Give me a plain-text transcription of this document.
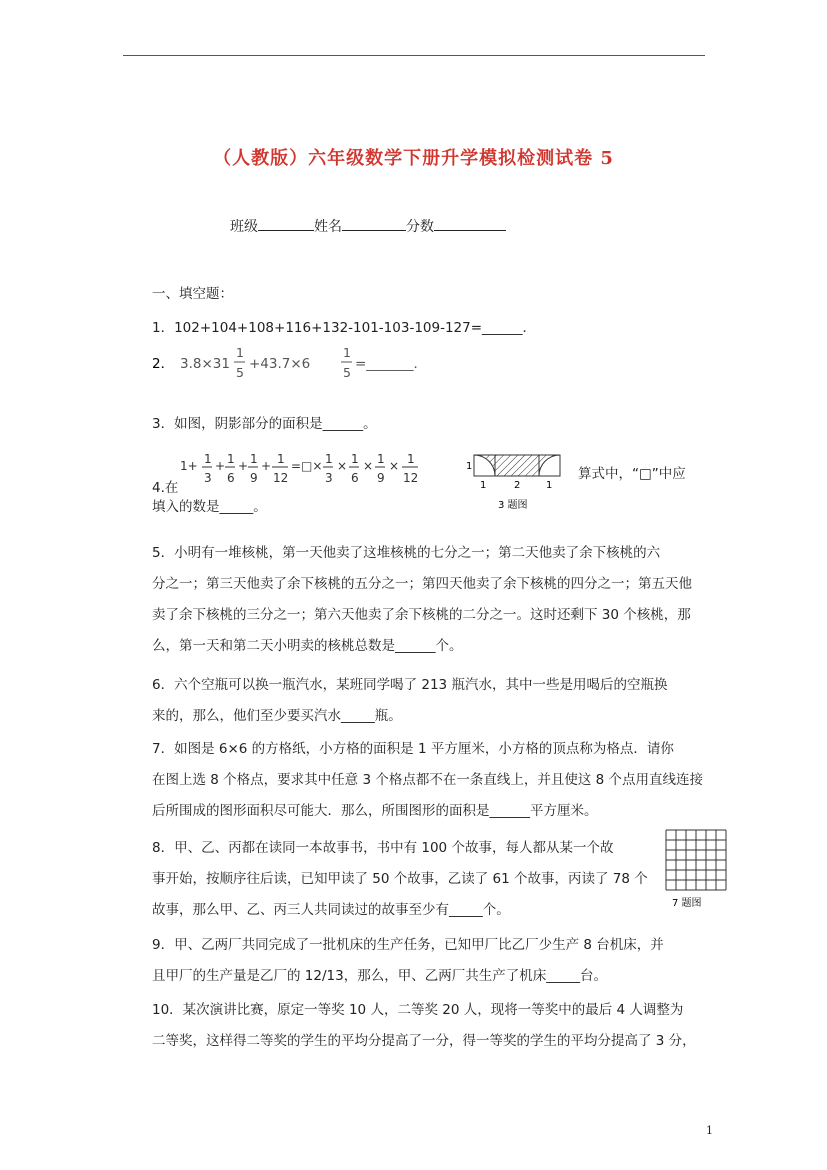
（人教版）六年级数学下册升学模拟检测试卷 5
班级	姓名	分数
一、填空题：
1．102+104+108+116+132-101-103-109-127=______．
2． 3.8×31
1
5
+43.7×6
1
5
=_______．
3．如图，阴影部分的面积是______。
1+ 1
3
+ 1
6
+ 1
9
+ 1
12
=□× 1
3
× 1
6
× 1
9
× 1
12
4.在
1
1	2	1
3 题图
算式中，“□”中应
填入的数是_____。

5．小明有一堆核桃，第一天他卖了这堆核桃的七分之一；第二天他卖了余下核桃的六

分之一；第三天他卖了余下核桃的五分之一；第四天他卖了余下核桃的四分之一；第五天他

卖了余下核桃的三分之一；第六天他卖了余下核桃的二分之一。这时还剩下 30 个核桃，那

么，第一天和第二天小明卖的核桃总数是______个。

6．六个空瓶可以换一瓶汽水，某班同学喝了 213 瓶汽水，其中一些是用喝后的空瓶换

来的，那么，他们至少要买汽水_____瓶。

7．如图是 6×6 的方格纸，小方格的面积是 1 平方厘米，小方格的顶点称为格点．请你

在图上选 8 个格点，要求其中任意 3 个格点都不在一条直线上，并且使这 8 个点用直线连接

后所围成的图形面积尽可能大．那么，所围图形的面积是______平方厘米。

8．甲、乙、丙都在读同一本故事书，书中有 100 个故事，每人都从某一个故

事开始，按顺序往后读，已知甲读了 50 个故事，乙读了 61 个故事，丙读了 78 个

故事，那么甲、乙、丙三人共同读过的故事至少有_____个。	7 题图

9．甲、乙两厂共同完成了一批机床的生产任务，已知甲厂比乙厂少生产 8 台机床，并

且甲厂的生产量是乙厂的 12/13，那么，甲、乙两厂共生产了机床_____台。

10．某次演讲比赛，原定一等奖 10 人，二等奖 20 人，现将一等奖中的最后 4 人调整为

二等奖，这样得二等奖的学生的平均分提高了一分，得一等奖的学生的平均分提高了 3 分，

1
